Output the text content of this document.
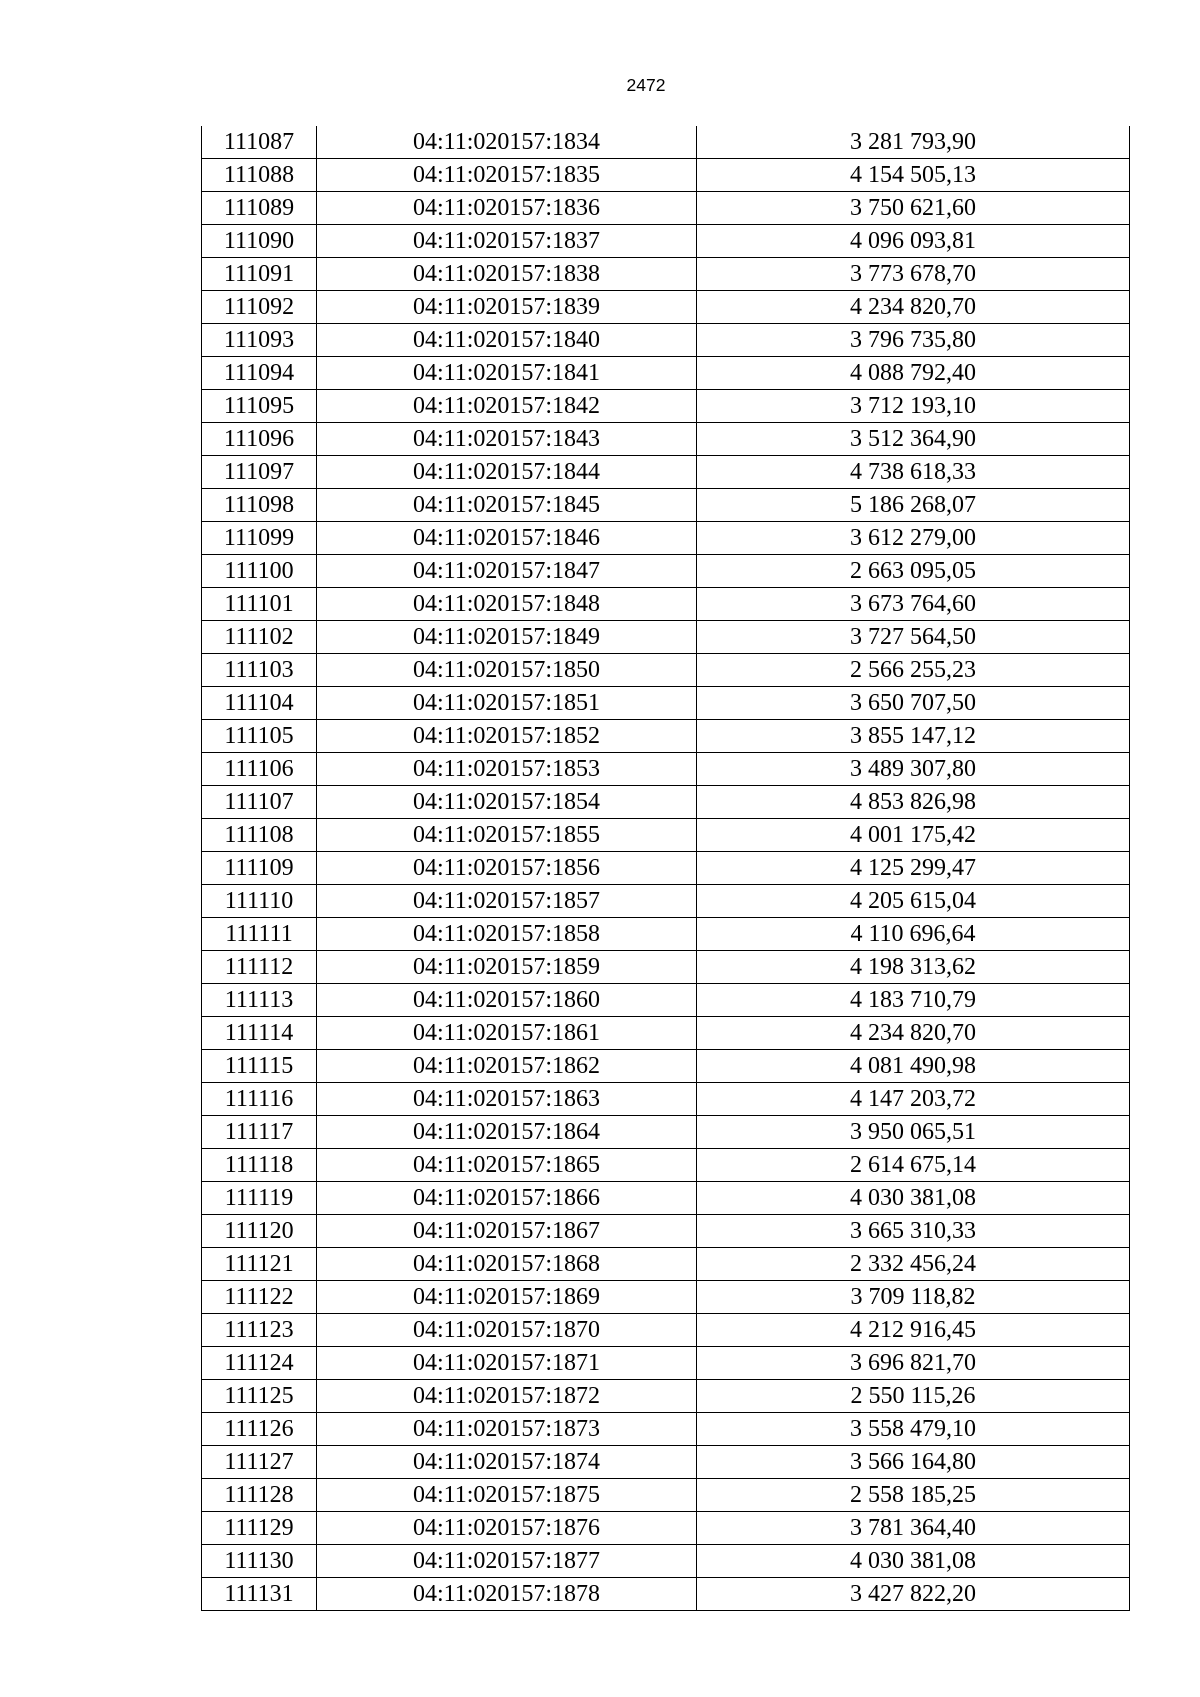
2472
111087	04:11:020157:1834	3 281 793,90
111088	04:11:020157:1835	4 154 505,13
111089	04:11:020157:1836	3 750 621,60
111090	04:11:020157:1837	4 096 093,81
111091	04:11:020157:1838	3 773 678,70
111092	04:11:020157:1839	4 234 820,70
111093	04:11:020157:1840	3 796 735,80
111094	04:11:020157:1841	4 088 792,40
111095	04:11:020157:1842	3 712 193,10
111096	04:11:020157:1843	3 512 364,90
111097	04:11:020157:1844	4 738 618,33
111098	04:11:020157:1845	5 186 268,07
111099	04:11:020157:1846	3 612 279,00
111100	04:11:020157:1847	2 663 095,05
111101	04:11:020157:1848	3 673 764,60
111102	04:11:020157:1849	3 727 564,50
111103	04:11:020157:1850	2 566 255,23
111104	04:11:020157:1851	3 650 707,50
111105	04:11:020157:1852	3 855 147,12
111106	04:11:020157:1853	3 489 307,80
111107	04:11:020157:1854	4 853 826,98
111108	04:11:020157:1855	4 001 175,42
111109	04:11:020157:1856	4 125 299,47
111110	04:11:020157:1857	4 205 615,04
111111	04:11:020157:1858	4 110 696,64
111112	04:11:020157:1859	4 198 313,62
111113	04:11:020157:1860	4 183 710,79
111114	04:11:020157:1861	4 234 820,70
111115	04:11:020157:1862	4 081 490,98
111116	04:11:020157:1863	4 147 203,72
111117	04:11:020157:1864	3 950 065,51
111118	04:11:020157:1865	2 614 675,14
111119	04:11:020157:1866	4 030 381,08
111120	04:11:020157:1867	3 665 310,33
111121	04:11:020157:1868	2 332 456,24
111122	04:11:020157:1869	3 709 118,82
111123	04:11:020157:1870	4 212 916,45
111124	04:11:020157:1871	3 696 821,70
111125	04:11:020157:1872	2 550 115,26
111126	04:11:020157:1873	3 558 479,10
111127	04:11:020157:1874	3 566 164,80
111128	04:11:020157:1875	2 558 185,25
111129	04:11:020157:1876	3 781 364,40
111130	04:11:020157:1877	4 030 381,08
111131	04:11:020157:1878	3 427 822,20
